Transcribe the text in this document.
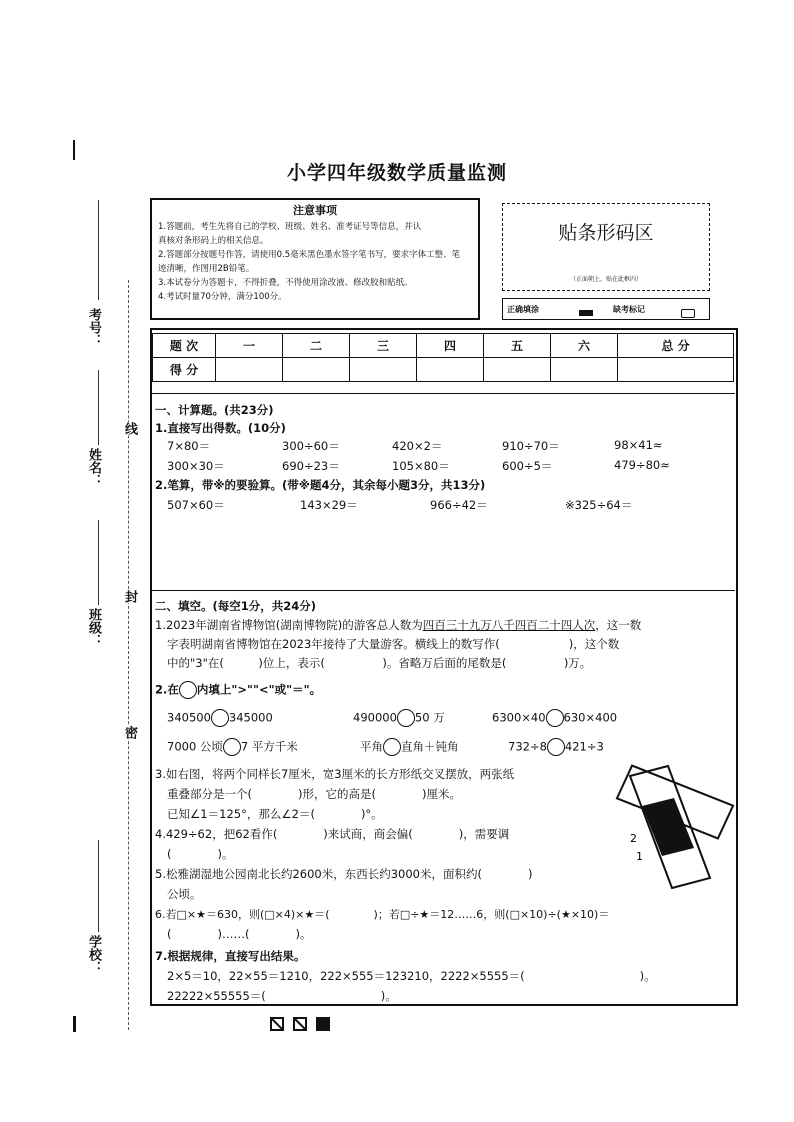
考号：
姓名：
班级：
学校：
线
封
密
小学四年级数学质量监测
注意事项
1.答题前，考生先将自己的学校、班级、姓名、准考证号等信息，并认
真核对条形码上的相关信息。
2.答题部分按题号作答，请使用0.5毫米黑色墨水签字笔书写，要求字体工整、笔
迹清晰，作图用2B铅笔。
3.本试卷分为答题卡，不得折叠，不得使用涂改液、修改胶和贴纸。
4.考试时量70分钟，满分100分。
贴条形码区
（正面朝上，贴在此框内）
正确填涂	缺考标记
题 次	一	二	三	四	五	六	总 分
得 分							
一、计算题。(共23分)
1.直接写出得数。(10分)
7×80＝	300÷60＝	420×2＝	910÷70＝	98×41≈
300×30＝	690÷23＝	105×80＝	600÷5＝	479÷80≈
2.笔算，带※的要验算。(带※题4分，其余每小题3分，共13分)
507×60＝	143×29＝	966÷42＝	※325÷64＝
二、填空。(每空1分，共24分)
1.2023年湖南省博物馆(湖南博物院)的游客总人数为四百三十九万八千四百二十四人次，这一数
字表明湖南省博物馆在2023年接待了大量游客。横线上的数写作(　　　　　　)，这个数
中的"3"在(　　　)位上，表示(　　　　　)。省略万后面的尾数是(　　　　　)万。
2.在 内填上">""<"或"＝"。
340500 345000	490000 50 万	6300×40 630×400
7000 公顷 7 平方千米	平角 直角＋钝角	732÷8 421÷3
3.如右图，将两个同样长7厘米，宽3厘米的长方形纸交叉摆放，两张纸
重叠部分是一个(　　　　)形，它的高是(　　　　)厘米。
已知∠1＝125°，那么∠2＝(　　　　)°。
4.429÷62，把62看作(　　　　)来试商，商会偏(　　　　)，需要调
(　　　　)。
5.松雅湖湿地公园南北长约2600米，东西长约3000米，面积约(　　　　)
公顷。
6.若□×★＝630，则(□×4)×★＝(　　　　)；若□÷★＝12……6，则(□×10)÷(★×10)＝
(　　　　)……(　　　　)。
7.根据规律，直接写出结果。
2×5＝10，22×55＝1210，222×555＝123210，2222×5555＝(　　　　　　　　　　)。
22222×55555＝(　　　　　　　　　　)。
2
1
